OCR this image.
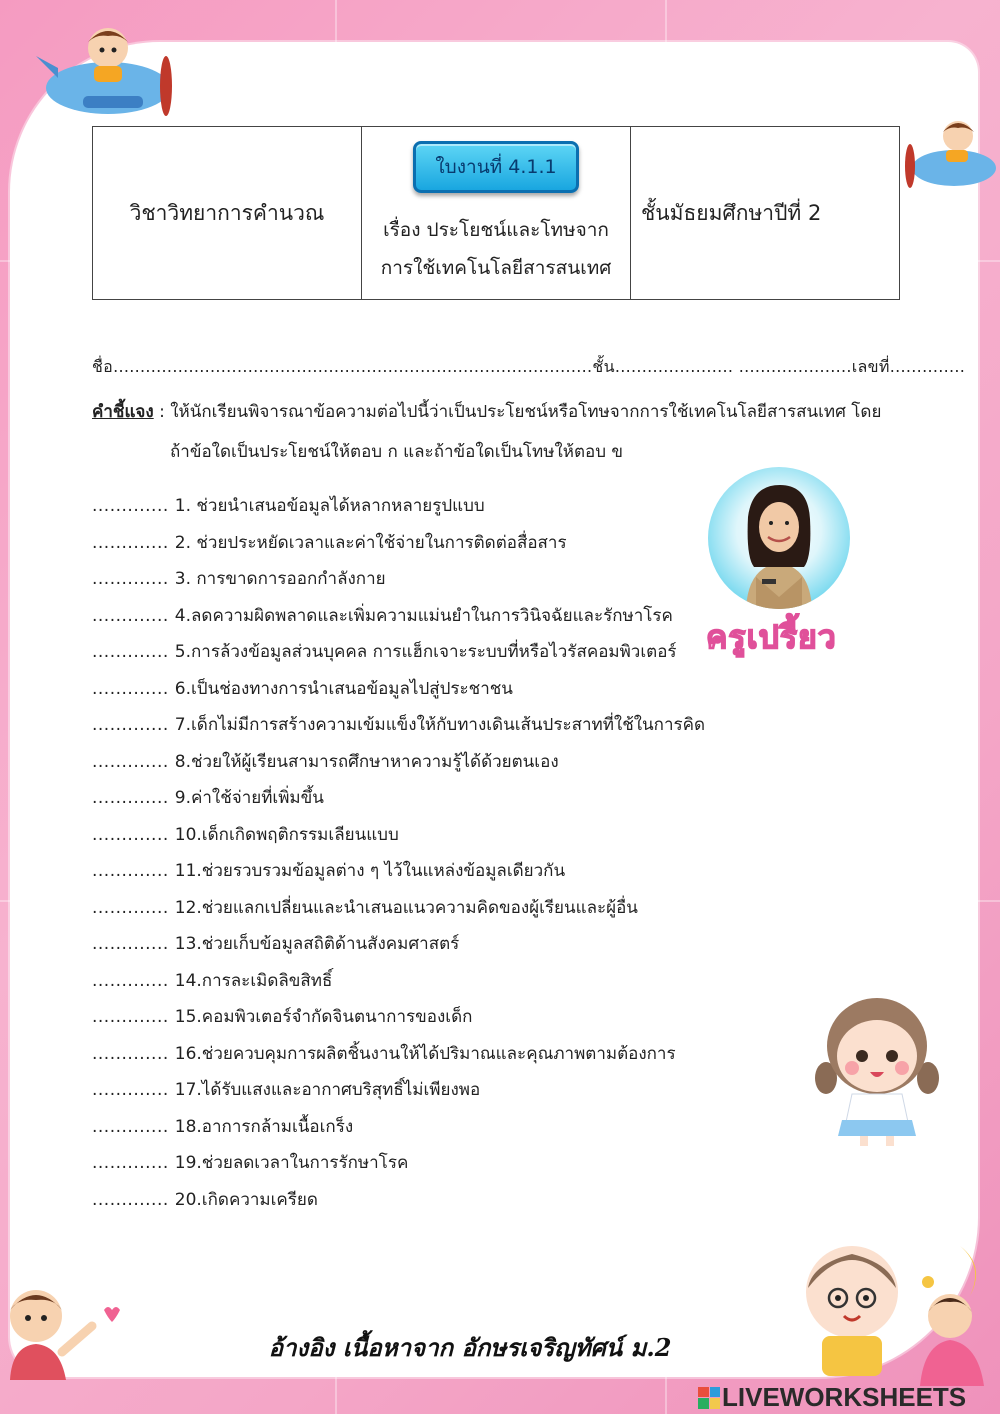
วิชาวิทยาการคำนวณ
ใบงานที่ 4.1.1
เรื่อง ประโยชน์และโทษจาก
การใช้เทคโนโลยีสารสนเทศ
ชั้นมัธยมศึกษาปีที่ 2
ชื่อ.........................................................................................ชั้น...................... .....................เลขที่..............
คำชี้แจง : ให้นักเรียนพิจารณาข้อความต่อไปนี้ว่าเป็นประโยชน์หรือโทษจากการใช้เทคโนโลยีสารสนเทศ โดย
ถ้าข้อใดเป็นประโยชน์ให้ตอบ ก และถ้าข้อใดเป็นโทษให้ตอบ ข
............. 1. ช่วยนำเสนอข้อมูลได้หลากหลายรูปแบบ
............. 2. ช่วยประหยัดเวลาและค่าใช้จ่ายในการติดต่อสื่อสาร
............. 3. การขาดการออกกำลังกาย
............. 4.ลดความผิดพลาดและเพิ่มความแม่นยำในการวินิจฉัยและรักษาโรค
............. 5.การล้วงข้อมูลส่วนบุคคล การแฮ็กเจาะระบบที่หรือไวรัสคอมพิวเตอร์
............. 6.เป็นช่องทางการนำเสนอข้อมูลไปสู่ประชาชน
............. 7.เด็กไม่มีการสร้างความเข้มแข็งให้กับทางเดินเส้นประสาทที่ใช้ในการคิด
............. 8.ช่วยให้ผู้เรียนสามารถศึกษาหาความรู้ได้ด้วยตนเอง
............. 9.ค่าใช้จ่ายที่เพิ่มขึ้น
............. 10.เด็กเกิดพฤติกรรมเลียนแบบ
............. 11.ช่วยรวบรวมข้อมูลต่าง ๆ ไว้ในแหล่งข้อมูลเดียวกัน
............. 12.ช่วยแลกเปลี่ยนและนำเสนอแนวความคิดของผู้เรียนและผู้อื่น
............. 13.ช่วยเก็บข้อมูลสถิติด้านสังคมศาสตร์
............. 14.การละเมิดลิขสิทธิ์
............. 15.คอมพิวเตอร์จำกัดจินตนาการของเด็ก
............. 16.ช่วยควบคุมการผลิตชิ้นงานให้ได้ปริมาณและคุณภาพตามต้องการ
............. 17.ได้รับแสงและอากาศบริสุทธิ์ไม่เพียงพอ
............. 18.อาการกล้ามเนื้อเกร็ง
............. 19.ช่วยลดเวลาในการรักษาโรค
............. 20.เกิดความเครียด
ครูเปรี้ยว
อ้างอิง เนื้อหาจาก อักษรเจริญทัศน์ ม.2
LIVEWORKSHEETS
